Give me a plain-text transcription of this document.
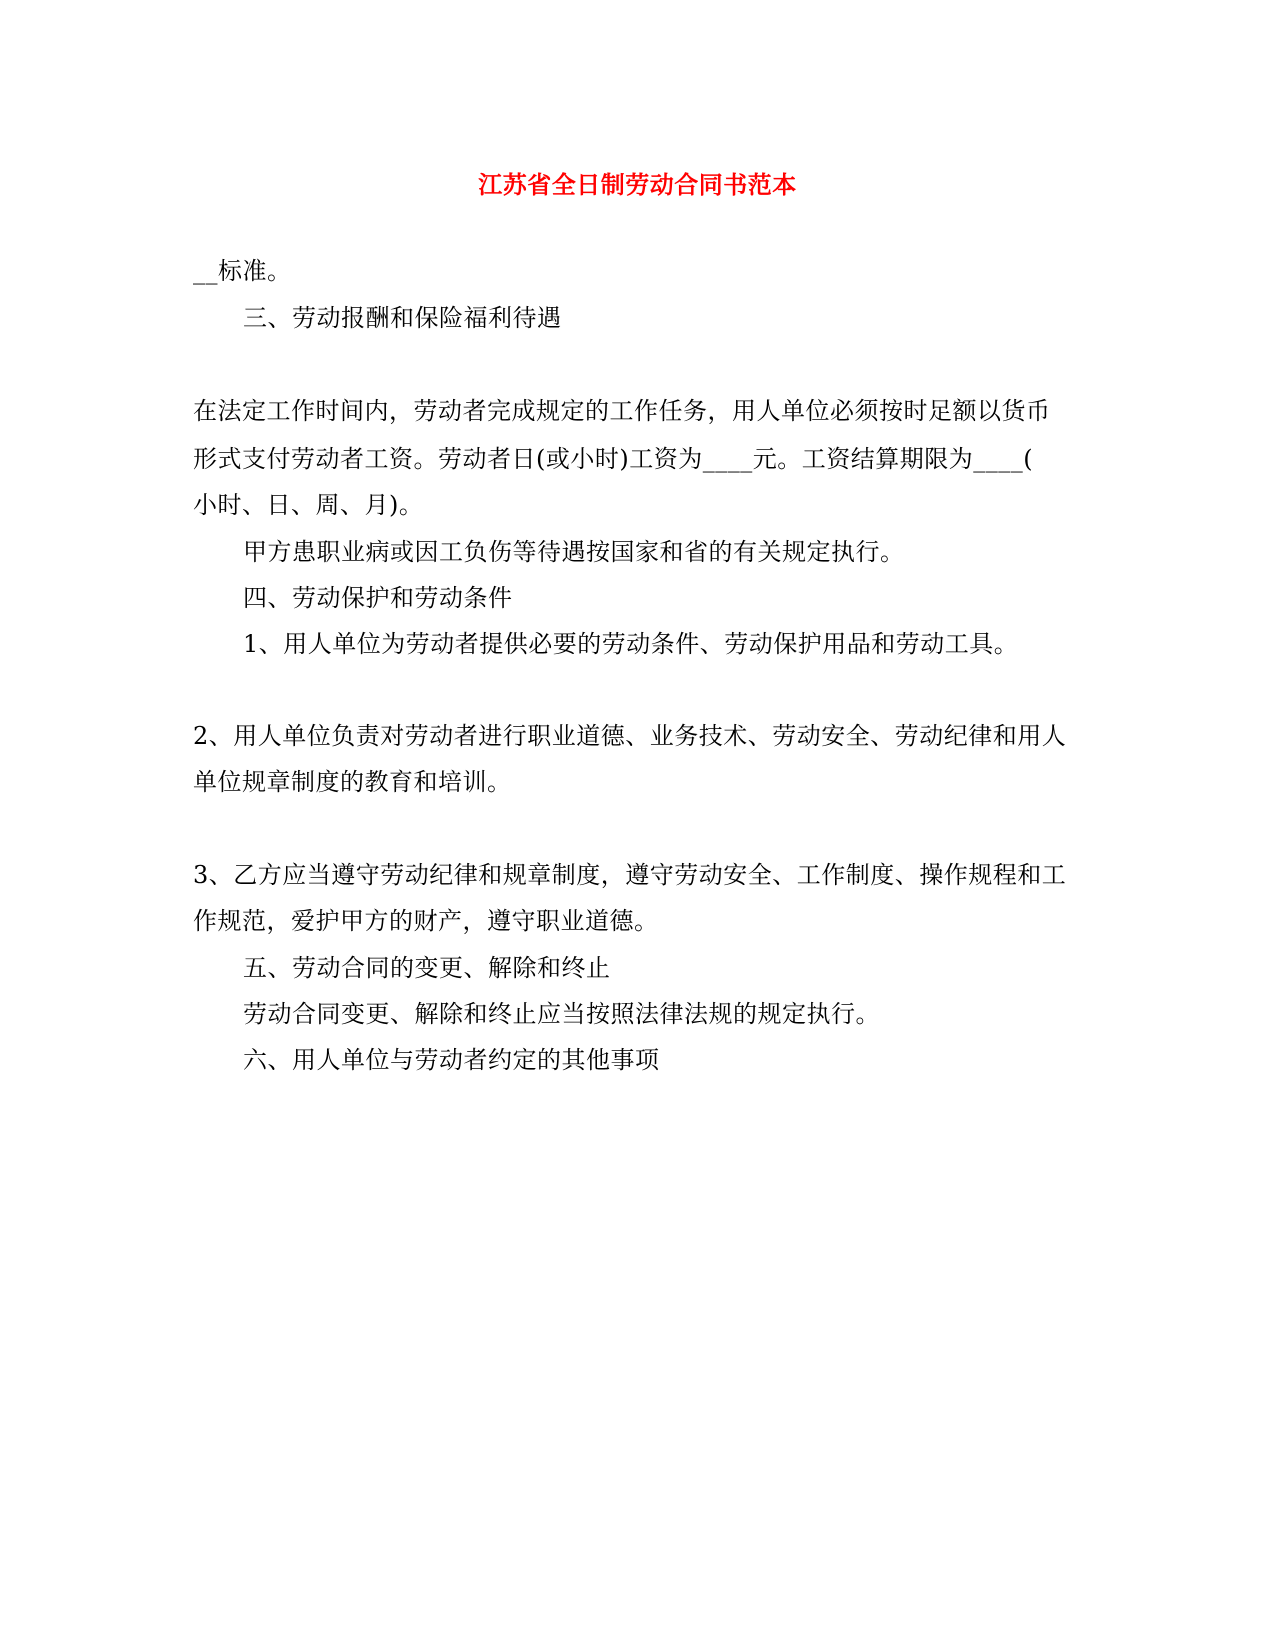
江苏省全日制劳动合同书范本

__标准。

三、劳动报酬和保险福利待遇

在法定工作时间内，劳动者完成规定的工作任务，用人单位必须按时足额以货币

形式支付劳动者工资。劳动者日(或小时)工资为____元。工资结算期限为____(

小时、日、周、月)。

甲方患职业病或因工负伤等待遇按国家和省的有关规定执行。

四、劳动保护和劳动条件

1、用人单位为劳动者提供必要的劳动条件、劳动保护用品和劳动工具。

2、用人单位负责对劳动者进行职业道德、业务技术、劳动安全、劳动纪律和用人

单位规章制度的教育和培训。

3、乙方应当遵守劳动纪律和规章制度，遵守劳动安全、工作制度、操作规程和工

作规范，爱护甲方的财产，遵守职业道德。

五、劳动合同的变更、解除和终止

劳动合同变更、解除和终止应当按照法律法规的规定执行。

六、用人单位与劳动者约定的其他事项
